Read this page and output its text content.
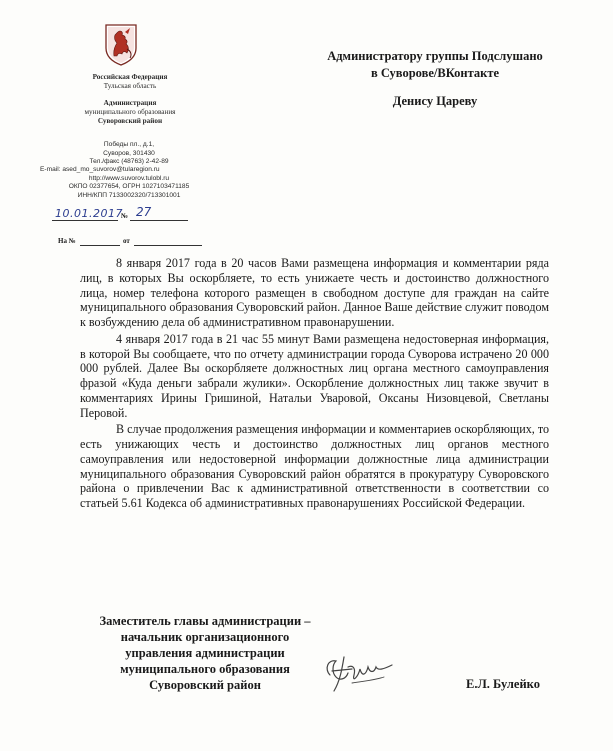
Российская Федерация
Тульская область
Администрация
муниципального образования
Суворовский район
Победы пл., д.1,
Суворов, 301430
Тел./факс (48763) 2-42-89
E-mail: ased_mo_suvorov@tularegion.ru
http://www.suvorov.tulobl.ru
ОКПО 02377654, ОГРН 1027103471185
ИНН/КПП 7133002320/713301001
10.01.2017
№ 27
На №	от
Администратору группы Подслушано
в Суворове/ВКонтакте
Денису Цареву

8 января 2017 года в 20 часов Вами размещена информация и комментарии ряда лиц, в которых Вы оскорбляете, то есть унижаете честь и достоинство должностного лица, номер телефона которого размещен в свободном доступе для граждан на сайте муниципального образования Суворовский район. Данное Ваше действие служит поводом к возбуждению дела об административном правонарушении.

4 января 2017 года в 21 час 55 минут Вами размещена недостоверная информация, в которой Вы сообщаете, что по отчету администрации города Суворова истрачено 20 000 000 рублей. Далее Вы оскорбляете должностных лиц органа местного самоуправления фразой «Куда деньги забрали жулики». Оскорбление должностных лиц также звучит в комментариях Ирины Гришиной, Натальи Уваровой, Оксаны Низовцевой, Светланы Перовой.

В случае продолжения размещения информации и комментариев оскорбляющих, то есть унижающих честь и достоинство должностных лиц органов местного самоуправления или недостоверной информации должностные лица администрации муниципального образования Суворовский район обратятся в прокуратуру Суворовского района о привлечении Вас к административной ответственности в соответствии со статьей 5.61 Кодекса об административных правонарушениях Российской Федерации.

Заместитель главы администрации –
начальник организационного
управления администрации
муниципального образования
Суворовский район	Е.Л. Булейко
